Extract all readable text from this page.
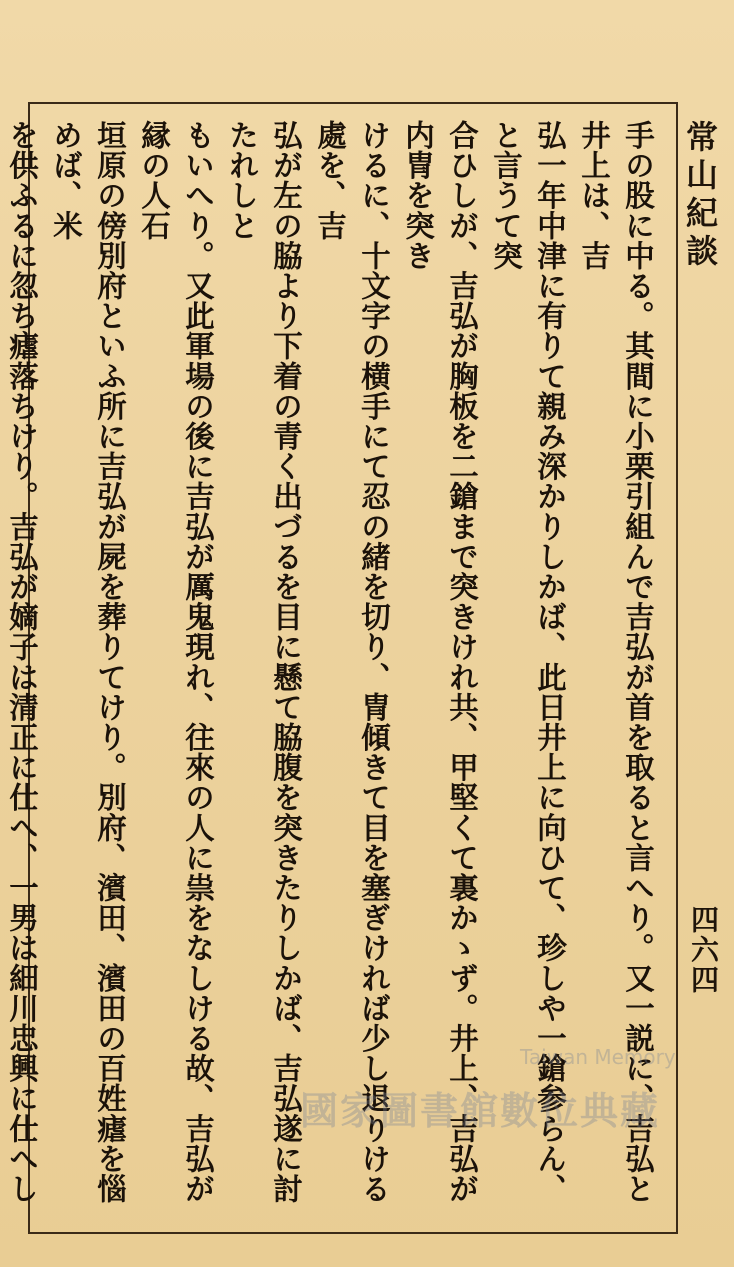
常山紀談
四六四

手の股に中る。其間に小栗引組んで吉弘が首を取ると言へり。又一説に、吉弘と井上は、吉

弘一年中津に有りて親み深かりしかば、此日井上に向ひて、珍しや一鎗参らん、と言うて突

合ひしが、吉弘が胸板を二鎗まで突きけれ共、甲堅くて裏かゝず。井上、吉弘が内冑を突き

けるに、十文字の横手にて忍の緒を切り、冑傾きて目を塞ぎければ少し退りける處を、吉

弘が左の脇より下着の青く出づるを目に懸て脇腹を突きたりしかば、吉弘遂に討たれしと

もいへり。又此軍場の後に吉弘が厲鬼現れ、往來の人に祟をなしける故、吉弘が縁の人石

垣原の傍別府といふ所に吉弘が屍を葬りてけり。別府、濱田、濱田の百姓瘧を惱めば、米

を供ふるに忽ち瘧落ちけり。吉弘が嫡子は清正に仕へ、一男は細川忠興に仕へし

Taiwan Memory
國家圖書館數位典藏
